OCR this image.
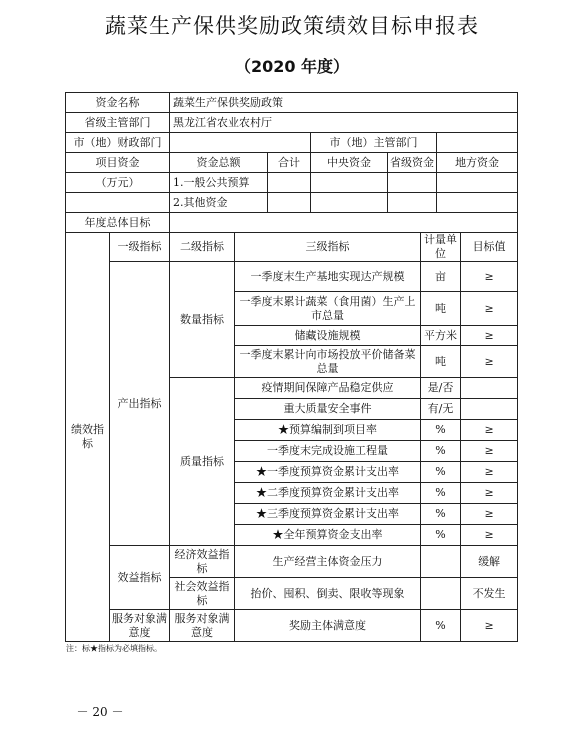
蔬菜生产保供奖励政策绩效目标申报表
（2020 年度）
资金名称		蔬菜生产保供奖励政策							
省级主管部门		黑龙江省农业农村厅							
市（地）财政部门					市（地）主管部门				
项目资金		资金总额		合计	中央资金	省级资金		地方资金	
（万元）		1.一般公共预算							
		2.其他资金							
年度总体目标									
绩效指标	一级指标	二级指标	三级指标				计量单位		目标值
	产出指标	数量指标	一季度末生产基地实现达产规模				亩		≥
			一季度末累计蔬菜（食用菌）生产上市总量				吨		≥
			储藏设施规模				平方米		≥
			一季度末累计向市场投放平价储备菜总量				吨		≥
		质量指标	疫情期间保障产品稳定供应				是/否		
			重大质量安全事件				有/无		
			★预算编制到项目率				%		≥
			一季度末完成设施工程量				%		≥
			★一季度预算资金累计支出率				%		≥
			★二季度预算资金累计支出率				%		≥
			★三季度预算资金累计支出率				%		≥
			★全年预算资金支出率				%		≥
	效益指标	经济效益指标	生产经营主体资金压力						缓解
		社会效益指标	抬价、囤积、倒卖、限收等现象						不发生
	服务对象满意度	服务对象满意度	奖励主体满意度				%		≥
注：标★指标为必填指标。
－ 20 －
